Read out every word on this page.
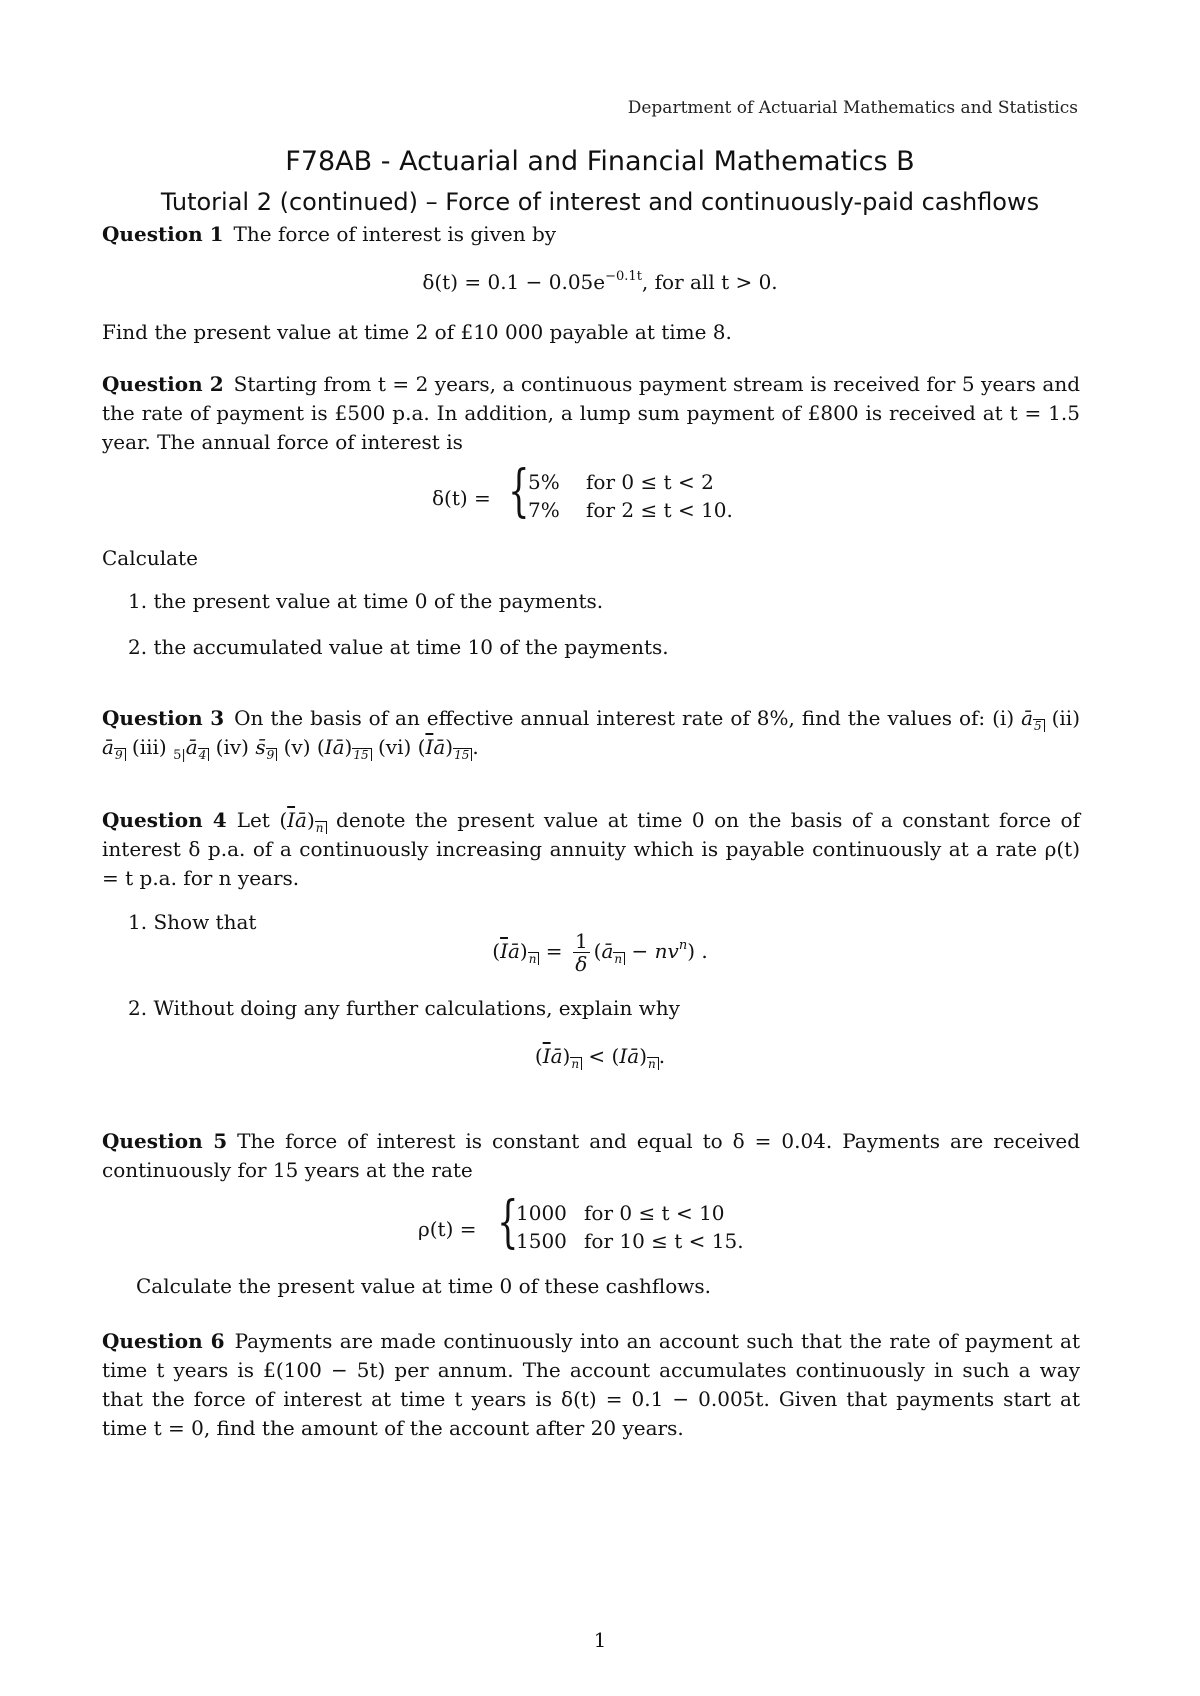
Department of Actuarial Mathematics and Statistics
F78AB - Actuarial and Financial Mathematics B
Tutorial 2 (continued) – Force of interest and continuously-paid cashflows
Question 1 The force of interest is given by
$\delta(t) = 0.1 - 0.05e^{-0.1t}$, for all t > 0.
Find the present value at time 2 of £10 000 payable at time 8.
Question 2 Starting from t = 2 years, a continuous payment stream is received for 5 years and the rate of payment is £500 p.a. In addition, a lump sum payment of £800 is received at t = 1.5 year. The annual force of interest is
δ(t) = {
5% for 0 ≤ t < 2
7% for 2 ≤ t < 10.
Calculate
1. the present value at time 0 of the payments.
2. the accumulated value at time 10 of the payments.
Question 3 On the basis of an effective annual interest rate of 8%, find the values of: (i) ā5 (ii) ā9 (iii) $_{5|}$ā4 (iv) s̄9 (v) (Iā)15 (vi) $(\overline{I}ā)15$ .
Question 4 Let $(\overline{I}ā)n$ denote the present value at time 0 on the basis of a constant force of interest δ p.a. of a continuously increasing annuity which is payable continuously at a rate ρ(t) = t p.a. for n years.
1. Show that
$(\overline{I}ā)n = \frac{1}{\delta}$ (ān − $nv^n$) .
2. Without doing any further calculations, explain why
$(\overline{I}ā)n$ < (Iā)n .
Question 5 The force of interest is constant and equal to δ = 0.04. Payments are received continuously for 15 years at the rate
ρ(t) = {
1000 for 0 ≤ t < 10
1500 for 10 ≤ t < 15.
Calculate the present value at time 0 of these cashflows.
Question 6 Payments are made continuously into an account such that the rate of payment at time t years is £(100 − 5t) per annum. The account accumulates continuously in such a way that the force of interest at time t years is δ(t) = 0.1 − 0.005t. Given that payments start at time t = 0, find the amount of the account after 20 years.
1
